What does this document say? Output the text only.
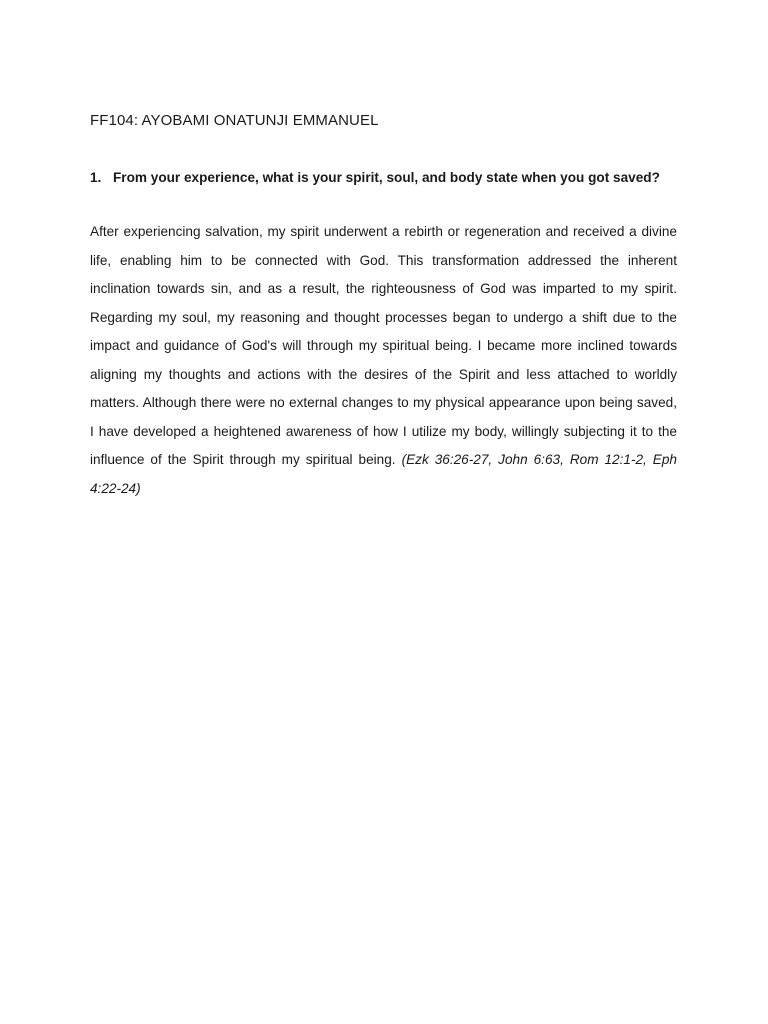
FF104: AYOBAMI ONATUNJI EMMANUEL
1. From your experience, what is your spirit, soul, and body state when you got saved?

After experiencing salvation, my spirit underwent a rebirth or regeneration and received a divine life, enabling him to be connected with God. This transformation addressed the inherent inclination towards sin, and as a result, the righteousness of God was imparted to my spirit. Regarding my soul, my reasoning and thought processes began to undergo a shift due to the impact and guidance of God's will through my spiritual being. I became more inclined towards aligning my thoughts and actions with the desires of the Spirit and less attached to worldly matters. Although there were no external changes to my physical appearance upon being saved, I have developed a heightened awareness of how I utilize my body, willingly subjecting it to the influence of the Spirit through my spiritual being. (Ezk 36:26-27, John 6:63, Rom 12:1-2, Eph 4:22-24)
